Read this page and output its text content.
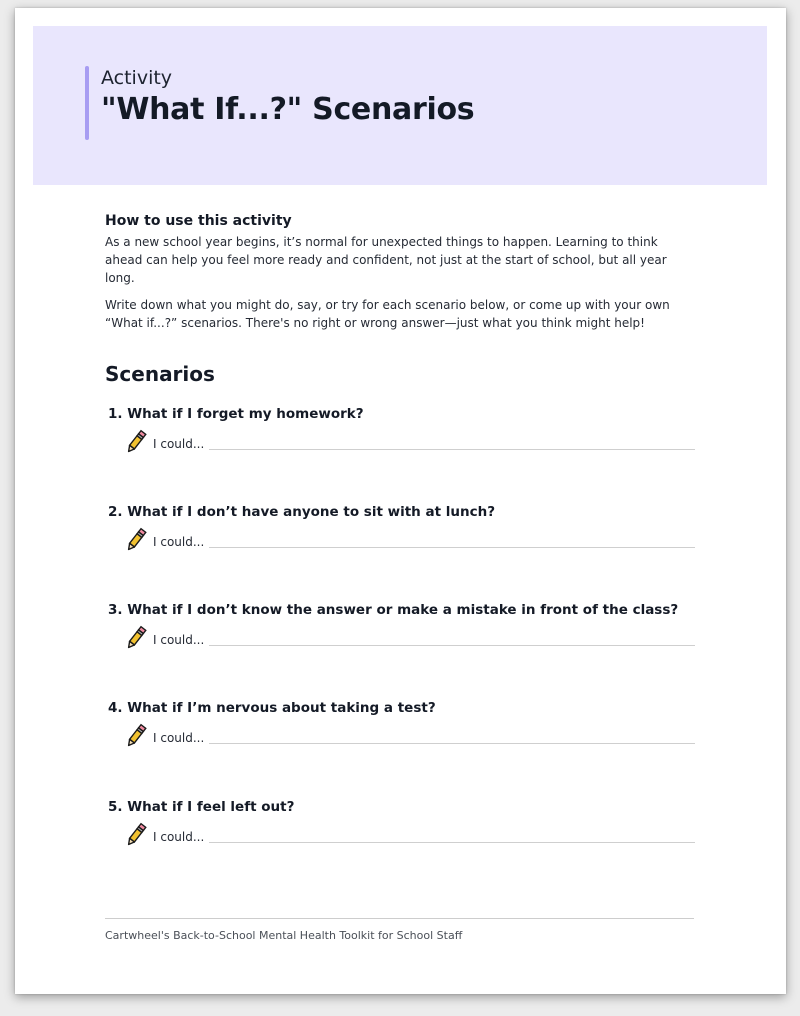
Activity
"What If...?" Scenarios
How to use this activity

As a new school year begins, it’s normal for unexpected things to happen. Learning to think ahead can help you feel more ready and confident, not just at the start of school, but all year long.

Write down what you might do, say, or try for each scenario below, or come up with your own “What if...?” scenarios. There's no right or wrong answer—just what you think might help!

Scenarios
1. What if I forget my homework?
I could...
2. What if I don’t have anyone to sit with at lunch?
I could...
3. What if I don’t know the answer or make a mistake in front of the class?
I could...
4. What if I’m nervous about taking a test?
I could...
5. What if I feel left out?
I could...
Cartwheel's Back-to-School Mental Health Toolkit for School Staff
